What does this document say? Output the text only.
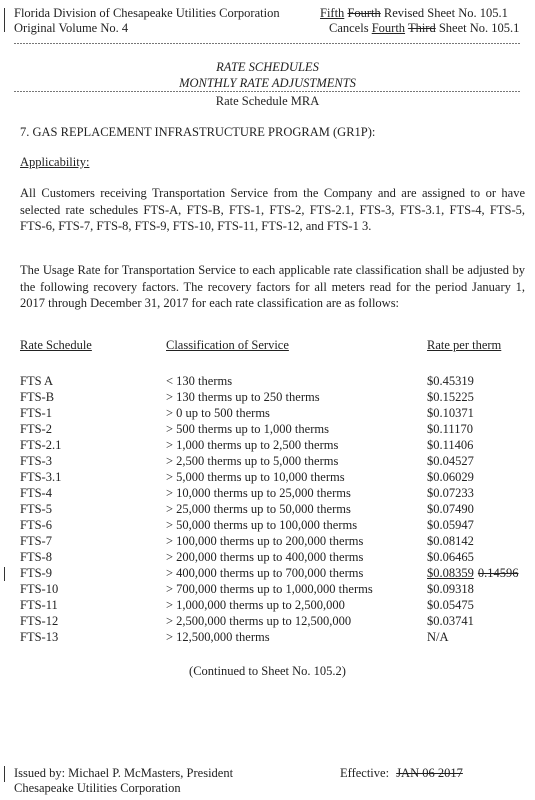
Florida Division of Chesapeake Utilities Corporation
Original Volume No. 4
Fifth Fourth Revised Sheet No. 105.1
Cancels Fourth Third Sheet No. 105.1
RATE SCHEDULES
MONTHLY RATE ADJUSTMENTS
Rate Schedule MRA
7. GAS REPLACEMENT INFRASTRUCTURE PROGRAM (GR1P):
Applicability:
All Customers receiving Transportation Service from the Company and are assigned to or have selected rate schedules FTS-A, FTS-B, FTS-1, FTS-2, FTS-2.1, FTS-3, FTS-3.1, FTS-4, FTS-5, FTS-6, FTS-7, FTS-8, FTS-9, FTS-10, FTS-11, FTS-12, and FTS-1 3.
The Usage Rate for Transportation Service to each applicable rate classification shall be adjusted by the following recovery factors. The recovery factors for all meters read for the period January 1, 2017 through December 31, 2017 for each rate classification are as follows:
Rate Schedule	Classification of Service	Rate per therm
FTS A	< 130 therms	$0.45319
FTS-B	> 130 therms up to 250 therms	$0.15225
FTS-1	> 0 up to 500 therms	$0.10371
FTS-2	> 500 therms up to 1,000 therms	$0.11170
FTS-2.1	> 1,000 therms up to 2,500 therms	$0.11406
FTS-3	> 2,500 therms up to 5,000 therms	$0.04527
FTS-3.1	> 5,000 therms up to 10,000 therms	$0.06029
FTS-4	> 10,000 therms up to 25,000 therms	$0.07233
FTS-5	> 25,000 therms up to 50,000 therms	$0.07490
FTS-6	> 50,000 therms up to 100,000 therms	$0.05947
FTS-7	> 100,000 therms up to 200,000 therms	$0.08142
FTS-8	> 200,000 therms up to 400,000 therms	$0.06465
FTS-9	> 400,000 therms up to 700,000 therms	$0.08359 0.14596
FTS-10	> 700,000 therms up to 1,000,000 therms	$0.09318
FTS-11	> 1,000,000 therms up to 2,500,000	$0.05475
FTS-12	> 2,500,000 therms up to 12,500,000	$0.03741
FTS-13	> 12,500,000 therms	N/A
(Continued to Sheet No. 105.2)
Issued by: Michael P. McMasters, President
Chesapeake Utilities Corporation
Effective: JAN 06 2017
